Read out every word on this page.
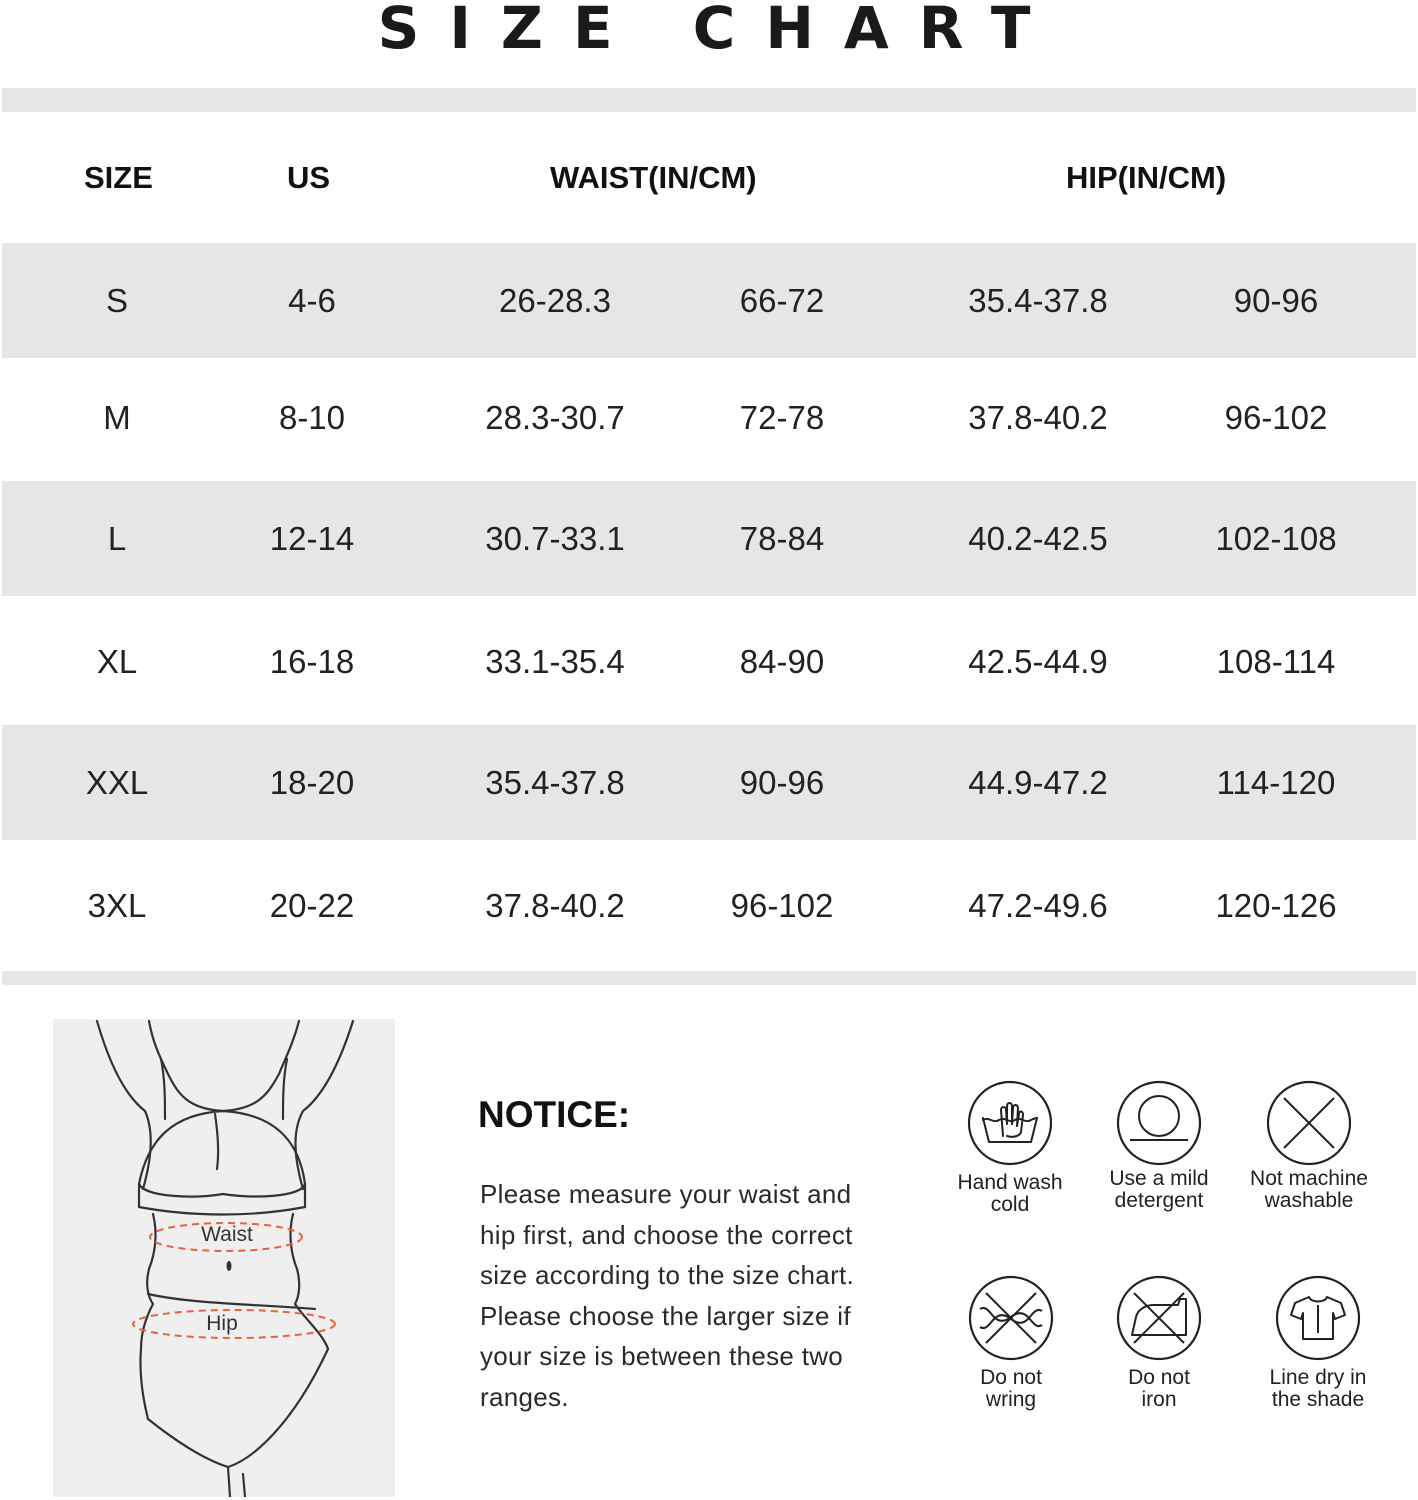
SIZE CHART
SIZE	US	WAIST(IN/CM)	HIP(IN/CM)
S	4-6	26-28.3	66-72	35.4-37.8	90-96
M	8-10	28.3-30.7	72-78	37.8-40.2	96-102
L	12-14	30.7-33.1	78-84	40.2-42.5	102-108
XL	16-18	33.1-35.4	84-90	42.5-44.9	108-114
XXL	18-20	35.4-37.8	90-96	44.9-47.2	114-120
3XL	20-22	37.8-40.2	96-102	47.2-49.6	120-126
Waist
Hip
NOTICE:
Please measure your waist and hip first, and choose the correct size according to the size chart. Please choose the larger size if your size is between these two ranges.
Hand wash
cold
Use a mild
detergent
Not machine
washable
Do not
wring
Do not
iron
Line dry in
the shade
